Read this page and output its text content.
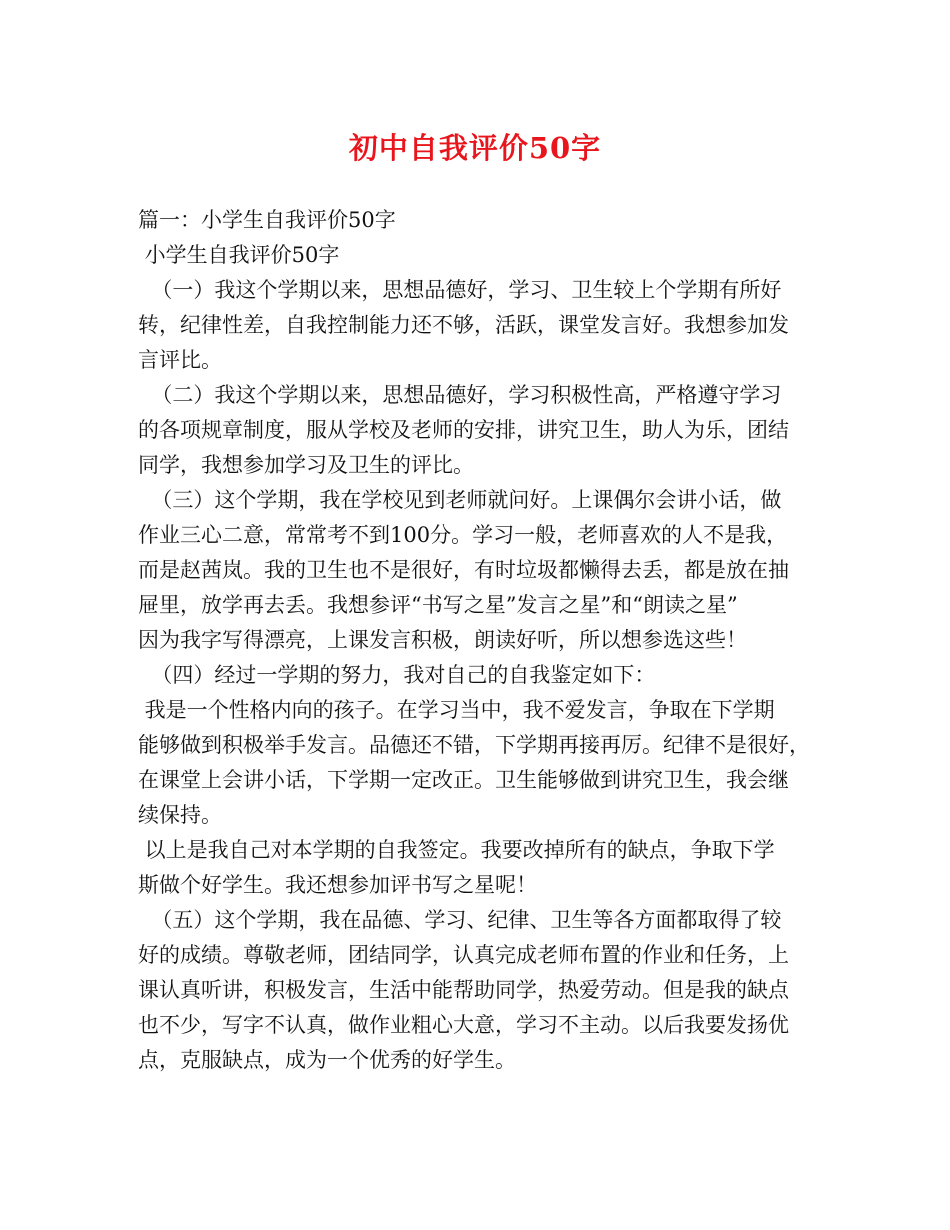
初中自我评价50字
篇一：小学生自我评价50字
小学生自我评价50字
（一）我这个学期以来，思想品德好，学习、卫生较上个学期有所好
转，纪律性差，自我控制能力还不够，活跃，课堂发言好。我想参加发
言评比。
（二）我这个学期以来，思想品德好，学习积极性高，严格遵守学习
的各项规章制度，服从学校及老师的安排，讲究卫生，助人为乐，团结
同学，我想参加学习及卫生的评比。
（三）这个学期，我在学校见到老师就问好。上课偶尔会讲小话，做
作业三心二意，常常考不到100分。学习一般，老师喜欢的人不是我，
而是赵茜岚。我的卫生也不是很好，有时垃圾都懒得去丢，都是放在抽
屉里，放学再去丢。我想参评“书写之星”发言之星”和“朗读之星”
因为我字写得漂亮，上课发言积极，朗读好听，所以想参选这些！
（四）经过一学期的努力，我对自己的自我鉴定如下：
我是一个性格内向的孩子。在学习当中，我不爱发言，争取在下学期
能够做到积极举手发言。品德还不错，下学期再接再厉。纪律不是很好，
在课堂上会讲小话，下学期一定改正。卫生能够做到讲究卫生，我会继
续保持。
以上是我自己对本学期的自我签定。我要改掉所有的缺点，争取下学
斯做个好学生。我还想参加评书写之星呢！
（五）这个学期，我在品德、学习、纪律、卫生等各方面都取得了较
好的成绩。尊敬老师，团结同学，认真完成老师布置的作业和任务，上
课认真听讲，积极发言，生活中能帮助同学，热爱劳动。但是我的缺点
也不少，写字不认真，做作业粗心大意，学习不主动。以后我要发扬优
点，克服缺点，成为一个优秀的好学生。
